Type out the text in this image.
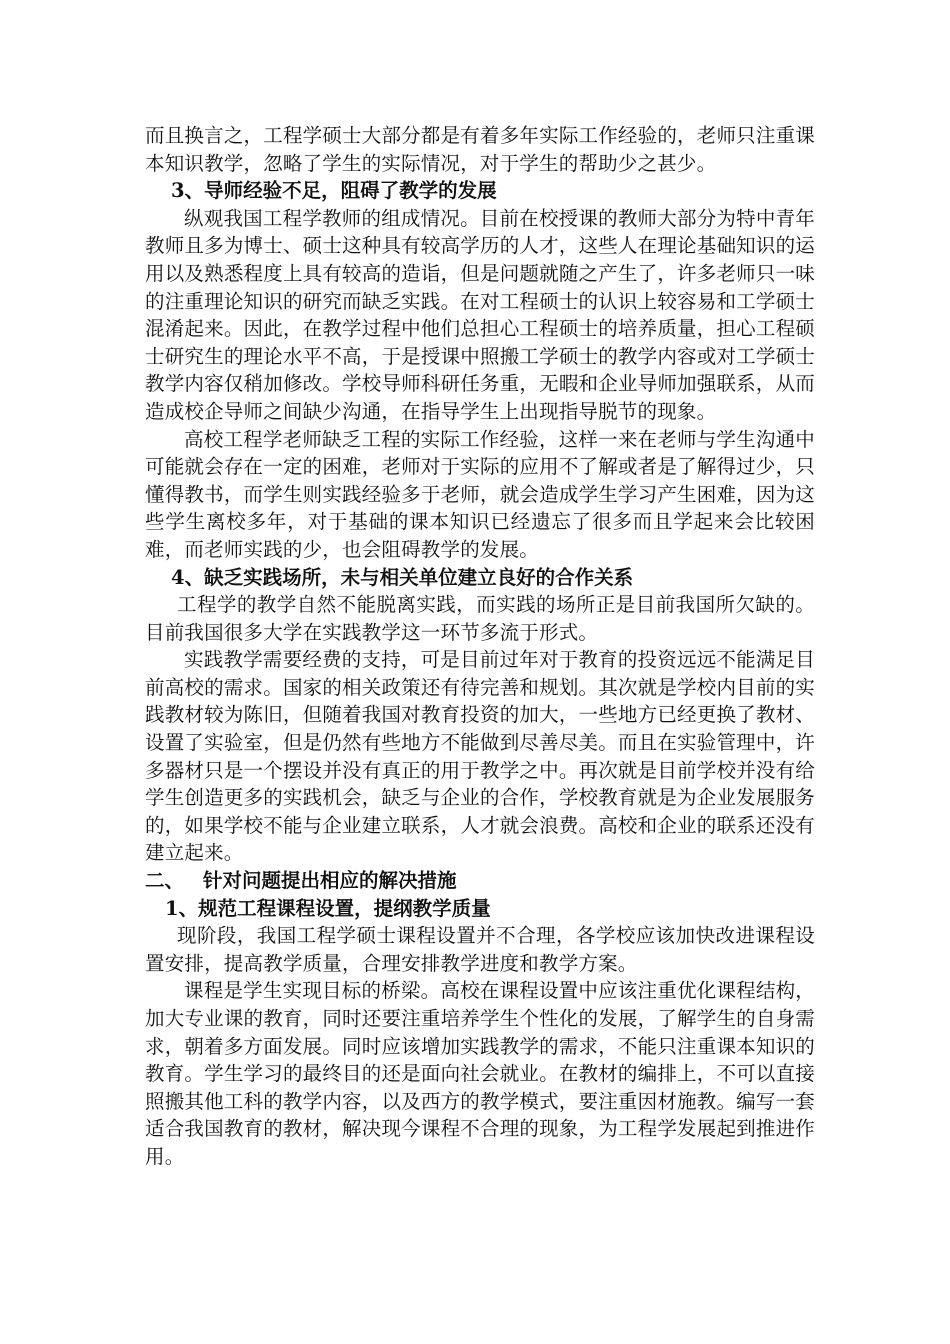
而且换言之，工程学硕士大部分都是有着多年实际工作经验的，老师只注重课本知识教学，忽略了学生的实际情况，对于学生的帮助少之甚少。

3、导师经验不足，阻碍了教学的发展

纵观我国工程学教师的组成情况。目前在校授课的教师大部分为特中青年教师且多为博士、硕士这种具有较高学历的人才，这些人在理论基础知识的运用以及熟悉程度上具有较高的造诣，但是问题就随之产生了，许多老师只一味的注重理论知识的研究而缺乏实践。在对工程硕士的认识上较容易和工学硕士混淆起来。因此，在教学过程中他们总担心工程硕士的培养质量，担心工程硕士研究生的理论水平不高，于是授课中照搬工学硕士的教学内容或对工学硕士教学内容仅稍加修改。学校导师科研任务重，无暇和企业导师加强联系，从而造成校企导师之间缺少沟通，在指导学生上出现指导脱节的现象。

高校工程学老师缺乏工程的实际工作经验，这样一来在老师与学生沟通中可能就会存在一定的困难，老师对于实际的应用不了解或者是了解得过少，只懂得教书，而学生则实践经验多于老师，就会造成学生学习产生困难，因为这些学生离校多年，对于基础的课本知识已经遗忘了很多而且学起来会比较困难，而老师实践的少，也会阻碍教学的发展。

4、缺乏实践场所，未与相关单位建立良好的合作关系

工程学的教学自然不能脱离实践，而实践的场所正是目前我国所欠缺的。目前我国很多大学在实践教学这一环节多流于形式。

实践教学需要经费的支持，可是目前过年对于教育的投资远远不能满足目前高校的需求。国家的相关政策还有待完善和规划。其次就是学校内目前的实践教材较为陈旧，但随着我国对教育投资的加大，一些地方已经更换了教材、设置了实验室，但是仍然有些地方不能做到尽善尽美。而且在实验管理中，许多器材只是一个摆设并没有真正的用于教学之中。再次就是目前学校并没有给学生创造更多的实践机会，缺乏与企业的合作，学校教育就是为企业发展服务的，如果学校不能与企业建立联系，人才就会浪费。高校和企业的联系还没有建立起来。

二、 针对问题提出相应的解决措施

1、规范工程课程设置，提纲教学质量

现阶段，我国工程学硕士课程设置并不合理，各学校应该加快改进课程设置安排，提高教学质量，合理安排教学进度和教学方案。

课程是学生实现目标的桥梁。高校在课程设置中应该注重优化课程结构，加大专业课的教育，同时还要注重培养学生个性化的发展，了解学生的自身需求，朝着多方面发展。同时应该增加实践教学的需求，不能只注重课本知识的教育。学生学习的最终目的还是面向社会就业。在教材的编排上，不可以直接照搬其他工科的教学内容，以及西方的教学模式，要注重因材施教。编写一套适合我国教育的教材，解决现今课程不合理的现象，为工程学发展起到推进作用。
